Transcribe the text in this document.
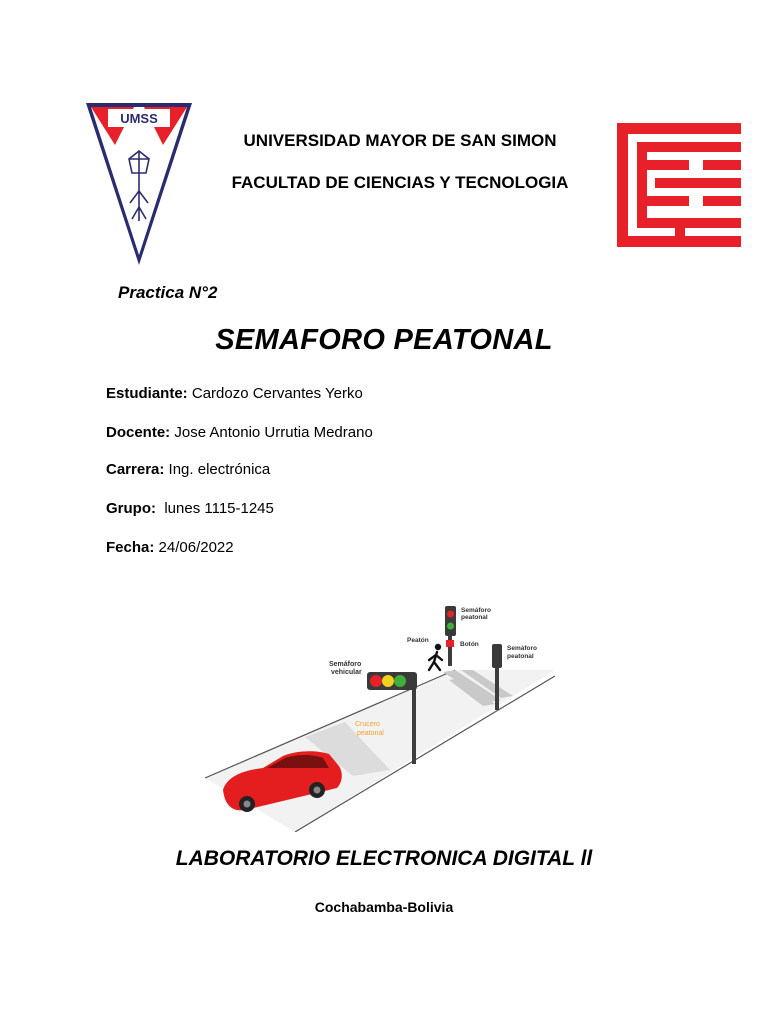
UMSS
UNIVERSIDAD MAYOR DE SAN SIMON
FACULTAD DE CIENCIAS Y TECNOLOGIA
Practica N°2
SEMAFORO PEATONAL
Estudiante: Cardozo Cervantes Yerko
Docente: Jose Antonio Urrutia Medrano
Carrera: Ing. electrónica
Grupo:  lunes 1115-1245
Fecha: 24/06/2022
Crucero
peatonal
Semáforo
vehicular
Semáforo
peatonal
Botón
Peatón
Semáforo
peatonal
LABORATORIO ELECTRONICA DIGITAL ll
Cochabamba-Bolivia
